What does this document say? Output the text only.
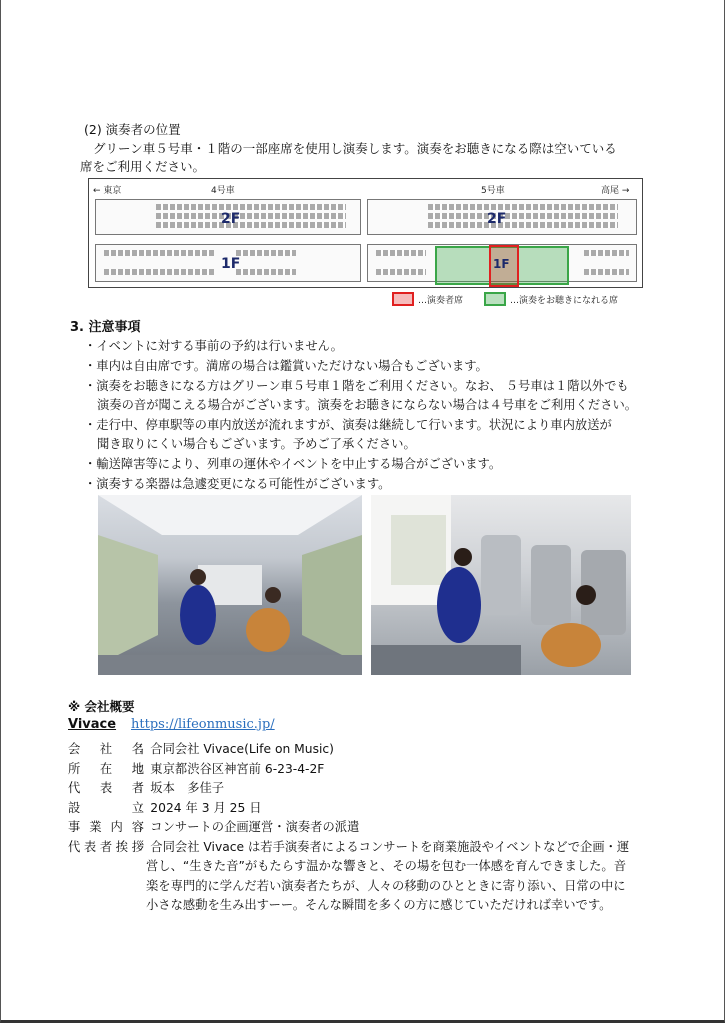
(2) 演奏者の位置
グリーン車５号車・１階の一部座席を使用し演奏します。演奏をお聴きになる際は空いている
席をご利用ください。
← 東京	4号車	5号車	高尾 →
2F
1F
2F
1F
…演奏者席	…演奏をお聴きになれる席
3. 注意事項
・イベントに対する事前の予約は行いません。
・車内は自由席です。満席の場合は鑑賞いただけない場合もございます。
・演奏をお聴きになる方はグリーン車５号車１階をご利用ください。なお、 ５号車は１階以外でも
演奏の音が聞こえる場合がございます。演奏をお聴きにならない場合は４号車をご利用ください。
・走行中、停車駅等の車内放送が流れますが、演奏は継続して行います。状況により車内放送が
聞き取りにくい場合もございます。予めご了承ください。
・輸送障害等により、列車の運休やイベントを中止する場合がございます。
・演奏する楽器は急遽変更になる可能性がございます。
※ 会社概要
Vivace https://lifeonmusic.jp/
会社名
：合同会社 Vivace(Life on Music)
所在地
：東京都渋谷区神宮前 6-23-4-2F
代表者
：坂本　多佳子
設立
：2024 年 3 月 25 日
事業内容
：コンサートの企画運営・演奏者の派遣
代表者挨拶
：合同会社 Vivace は若手演奏者によるコンサートを商業施設やイベントなどで企画・運
営し、“生きた音”がもたらす温かな響きと、その場を包む一体感を育んできました。音
楽を専門的に学んだ若い演奏者たちが、人々の移動のひとときに寄り添い、日常の中に
小さな感動を生み出すーー。そんな瞬間を多くの方に感じていただければ幸いです。
